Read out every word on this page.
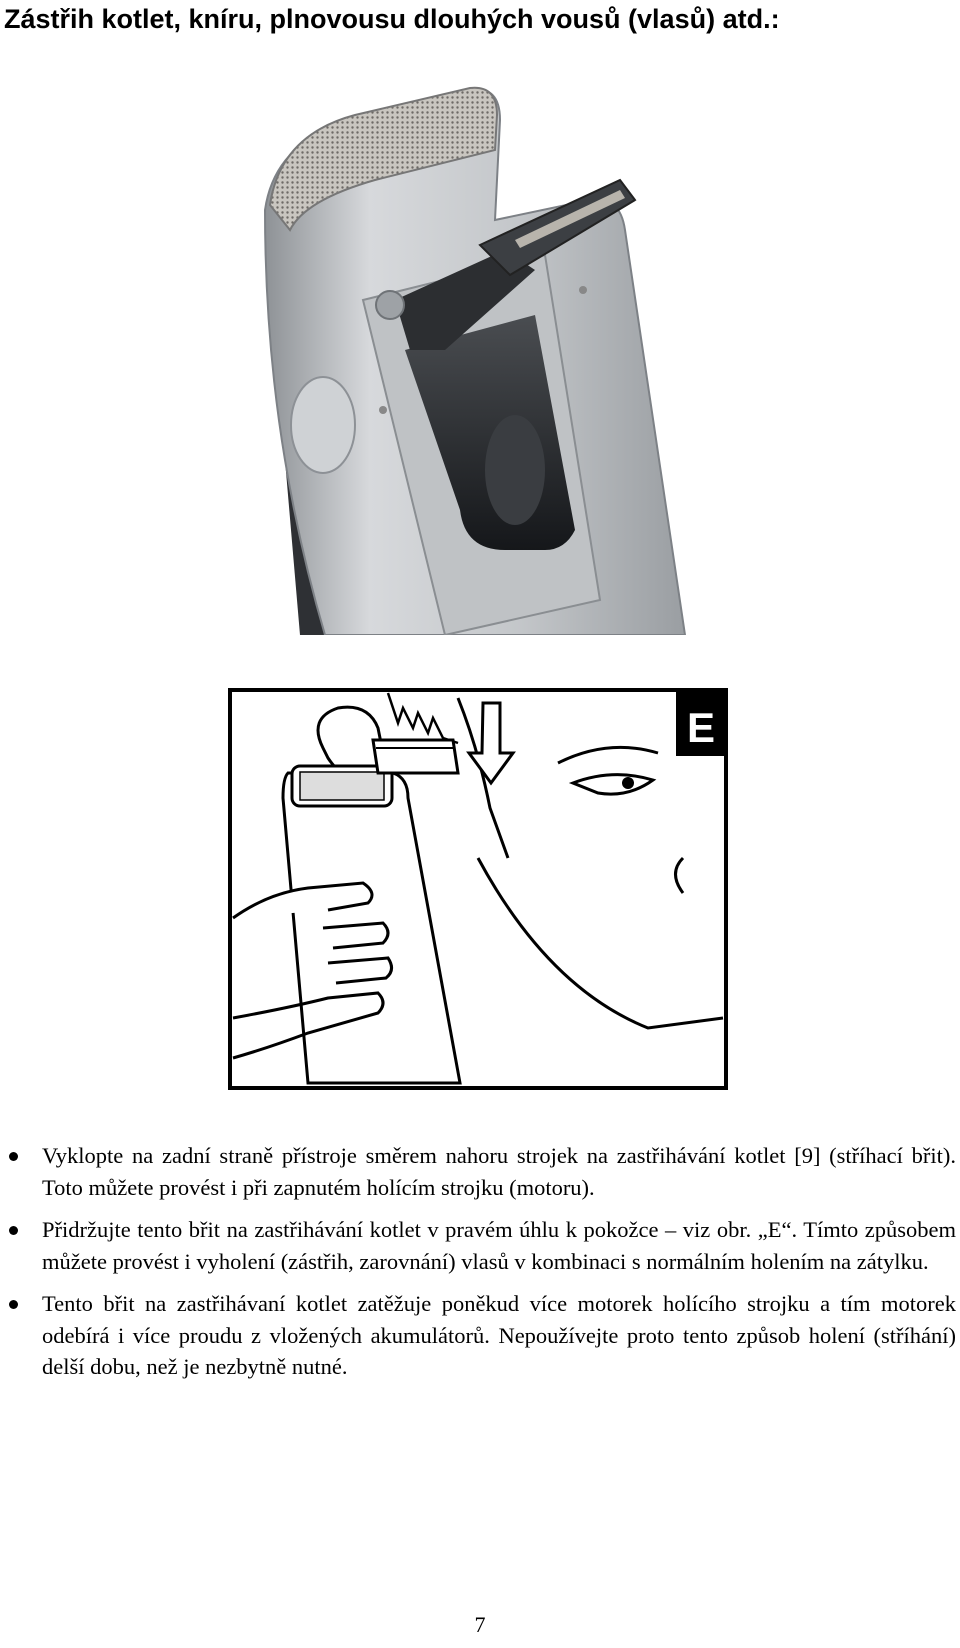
Zástřih kotlet, kníru, plnovousu dlouhých vousů (vlasů) atd.:
E
Vyklopte na zadní straně přístroje směrem nahoru strojek na zastřihávání kotlet [9] (stříhací břit). Toto můžete provést i při zapnutém holícím strojku (motoru).
Přidržujte tento břit na zastřihávání kotlet v pravém úhlu k pokožce – viz obr. „E“. Tímto způsobem můžete provést i vyholení (zástřih, zarovnání) vlasů v kombinaci s normálním holením na zátylku.
Tento břit na zastřihávaní kotlet zatěžuje poněkud více motorek holícího strojku a tím motorek odebírá i více proudu z vložených akumulátorů. Nepoužívejte proto tento způsob holení (stříhání) delší dobu, než je nezbytně nutné.
7
